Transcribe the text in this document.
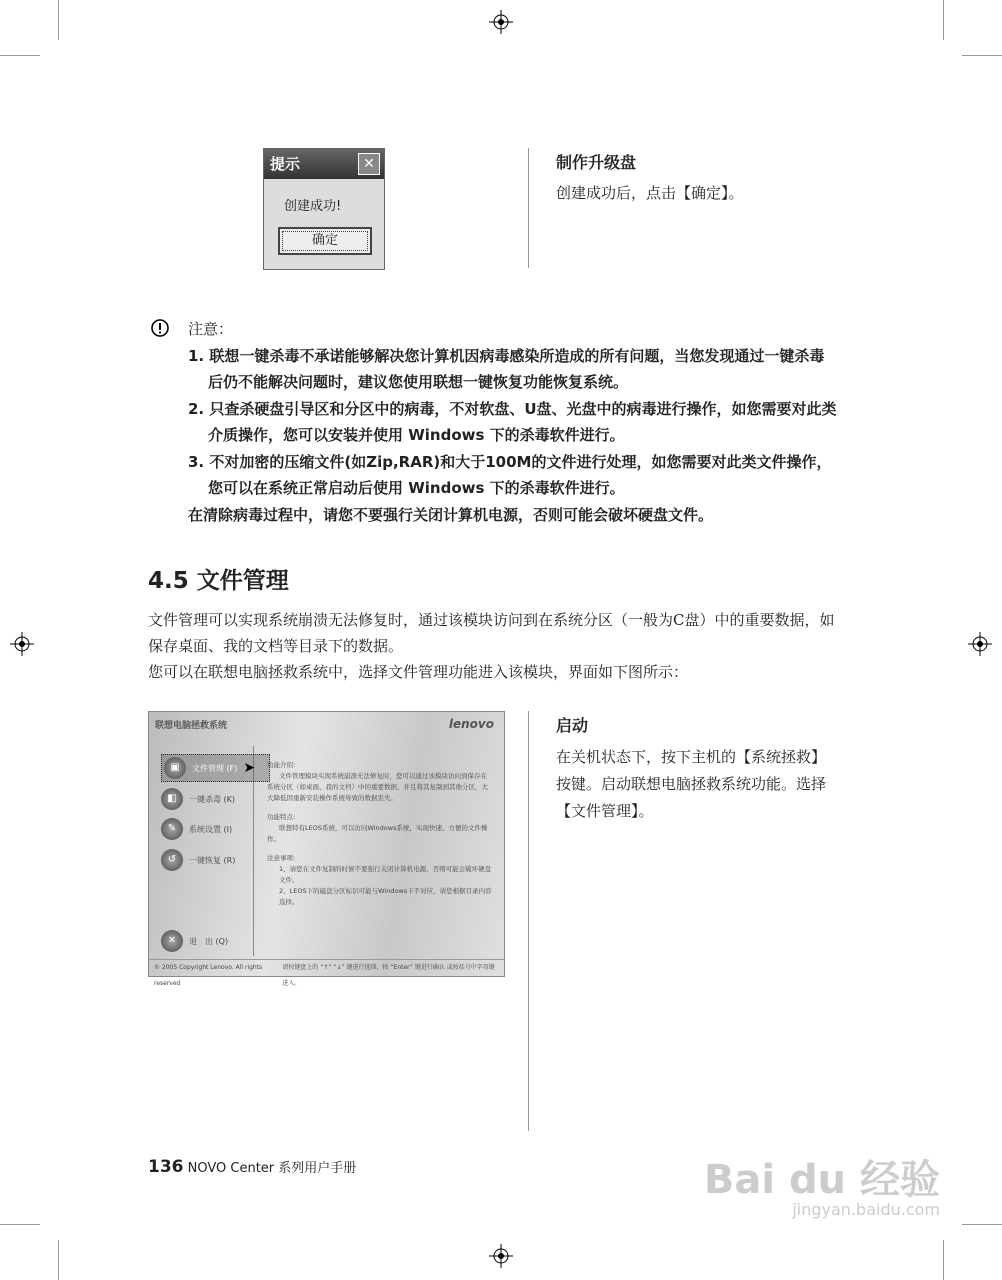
提示	✕
创建成功!
确定
制作升级盘
创建成功后，点击【确定】。
注意：
1. 联想一键杀毒不承诺能够解决您计算机因病毒感染所造成的所有问题，当您发现通过一键杀毒后仍不能解决问题时，建议您使用联想一键恢复功能恢复系统。
2. 只查杀硬盘引导区和分区中的病毒，不对软盘、U盘、光盘中的病毒进行操作，如您需要对此类介质操作，您可以安装并使用 Windows 下的杀毒软件进行。
3. 不对加密的压缩文件(如Zip,RAR)和大于100M的文件进行处理，如您需要对此类文件操作，您可以在系统正常启动后使用 Windows 下的杀毒软件进行。
在清除病毒过程中，请您不要强行关闭计算机电源，否则可能会破坏硬盘文件。
4.5 文件管理
文件管理可以实现系统崩溃无法修复时，通过该模块访问到在系统分区（一般为C盘）中的重要数据，如保存桌面、我的文档等目录下的数据。
您可以在联想电脑拯救系统中，选择文件管理功能进入该模块，界面如下图所示：
联想电脑拯救系统	lenovo
▣	文件管理 (F) ➤
◧	一键杀毒 (K)
✎	系统设置 (I)
↺	一键恢复 (R)
✕	退　出 (Q)
功能介绍:
文件管理模块实现系统崩溃无法修复时，您可以通过该模块访问到保存在系统分区（如桌面、我的文档）中的重要数据，并且将其复制到其他分区，大大降低因重新安装操作系统导致的数据丢失。
功能特点:
联想特有LEOS系统，可以访问Windows系统，实现快速、方便的文件操作。
注意事项:
1、请您在文件复制的时候不要强行关闭计算机电源，否则可能会破坏硬盘文件。
2、LEOS下的磁盘分区标识可能与Windows下不对应，请您根据目录内容选择。
© 2005 Copyright Lenovo. All rights reserved
请按键盘上的 “↑” “↓” 键进行选择，按 “Enter” 键进行确认 或按括号中字母键进入。
启动
在关机状态下，按下主机的【系统拯救】按键。启动联想电脑拯救系统功能。选择【文件管理】。
136 NOVO Center 系列用户手册	Bai du 经验
jingyan.baidu.com
